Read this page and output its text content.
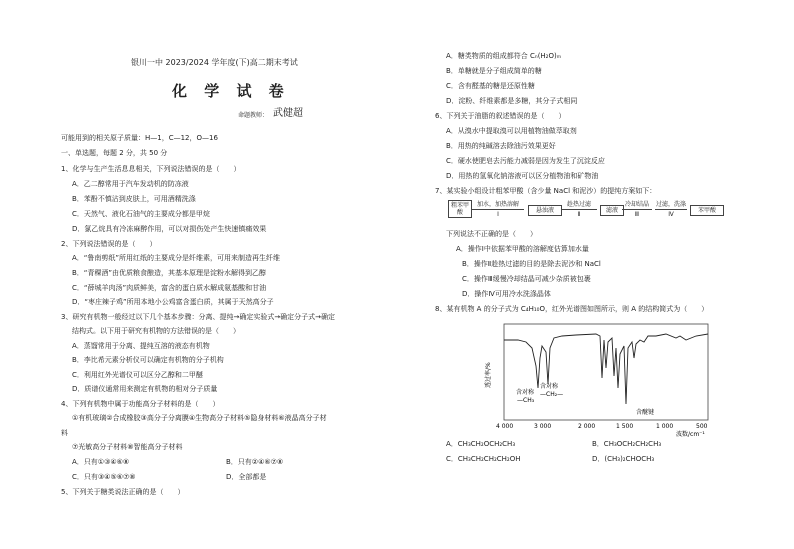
银川一中 2023/2024 学年度(下)高二期末考试
化 学 试 卷
命题教师： 武健超
可能用到的相关原子质量：H—1，C—12，O—16
一、单选题，每题 2 分，共 50 分
1、化学与生产生活息息相关，下列说法错误的是（　　）
A．乙二醇常用于汽车发动机的防冻液
B．苯酚不慎沾到皮肤上，可用酒精洗涤
C．天然气、液化石油气的主要成分都是甲烷
D．氯乙烷具有冷冻麻醉作用，可以对损伤处产生快速镇痛效果
2、下列说法错误的是（　　）
A．“鲁南剪纸”所用红纸的主要成分是纤维素，可用来制造再生纤维
B．“青稞酒”由优质粮食酿造，其基本原理是淀粉水解得到乙醇
C．“薛城羊肉汤”肉质鲜美，富含的蛋白质水解成氨基酸和甘油
D．“枣庄辣子鸡”所用本地小公鸡富含蛋白质，其属于天然高分子
3、研究有机物一般经过以下几个基本步骤：分离、提纯→确定实验式→确定分子式→确定
结构式。以下用于研究有机物的方法错误的是（　　）
A．蒸馏常用于分离、提纯互溶的液态有机物
B．李比希元素分析仪可以确定有机物的分子机构
C．利用红外光谱仪可以区分乙醇和二甲醚
D．质谱仪通常用来测定有机物的相对分子质量
4、下列有机物中属于功能高分子材料的是（　　）
①有机玻璃②合成橡胶③高分子分离膜④生物高分子材料⑤隐身材料⑥液晶高分子材
料
⑦光敏高分子材料⑧智能高分子材料
A．只有①③④⑥⑧	B．只有②④⑥⑦⑧
C．只有③④⑤⑥⑦⑧	D．全部都是
5、下列关于糖类说法正确的是（　　）
A．糖类物质的组成都符合 Cₙ(H₂O)ₘ
B．单糖就是分子组成简单的糖
C．含有醛基的糖是还原性糖
D．淀粉、纤维素都是多糖，其分子式相同
6、下列关于油脂的叙述错误的是（　　）
A．从溴水中提取溴可以用植物油做萃取剂
B．用热的纯碱溶去除油污效果更好
C．硬水使肥皂去污能力减弱是因为发生了沉淀反应
D．用热的氢氧化钠溶液可以区分植物油和矿物油
7、某实验小组设计粗苯甲酸（含少量 NaCl 和泥沙）的提纯方案如下：
粗苯甲酸
加水，加热溶解
Ⅰ
悬浊液
趁热过滤
Ⅱ
滤液
冷却结晶
Ⅲ
过滤，洗涤
Ⅳ
苯甲酸
下列说法不正确的是（　　）
A．操作Ⅰ中依据苯甲酸的溶解度估算加水量
B．操作Ⅱ趁热过滤的目的是除去泥沙和 NaCl
C．操作Ⅲ缓慢冷却结晶可减少杂质被包裹
D．操作Ⅳ可用冷水洗涤晶体
8、某有机物 A 的分子式为 C₄H₁₀O，红外光谱图如图所示，则 A 的结构简式为（　　）
透过率/%
含对称
—CH₃
含对称
—CH₂—
含醚键
4 000	3 000	2 000	1 500	1 000	500
波数/cm⁻¹
A．CH₃CH₂OCH₂CH₃	B．CH₃OCH₂CH₂CH₃
C．CH₃CH₂CH₂CH₂OH	D．(CH₃)₂CHOCH₃
